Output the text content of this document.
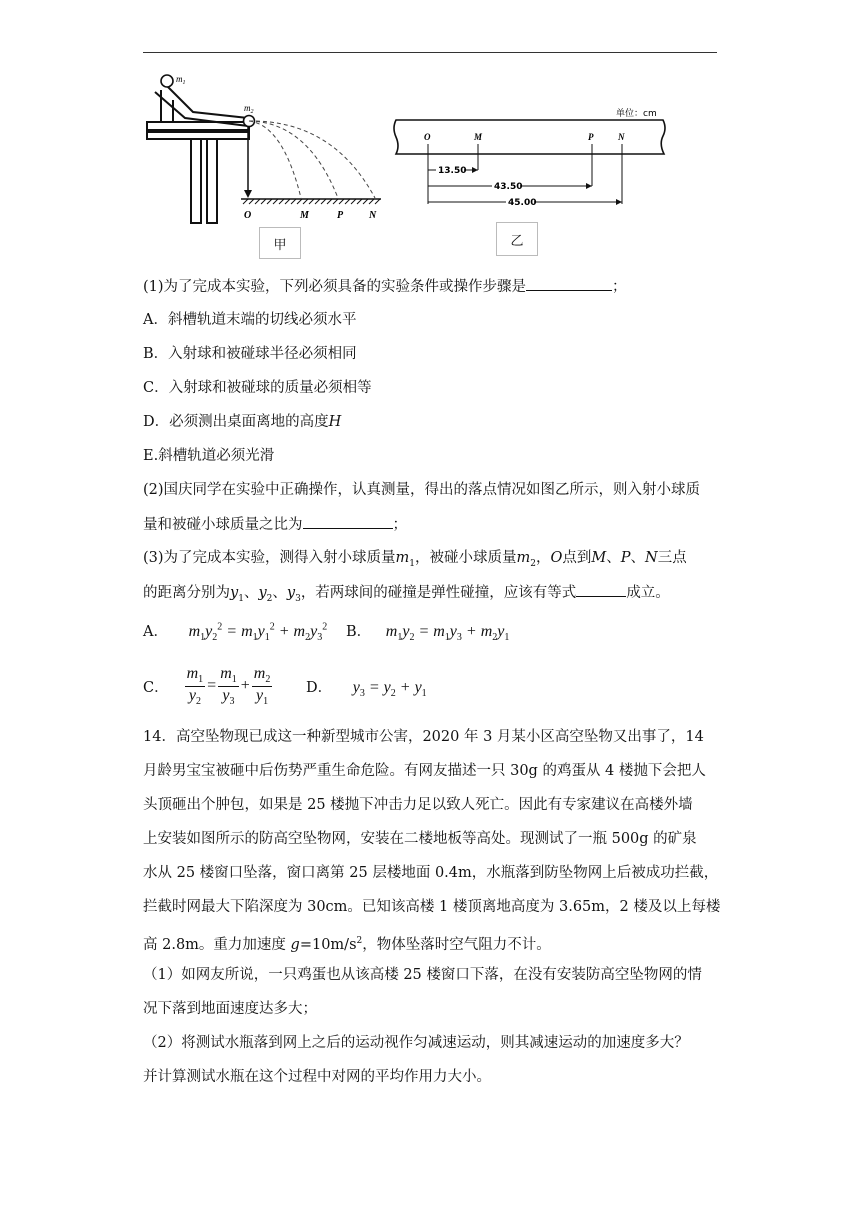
$m_1$
$m_2$
O	M	P	N
甲
单位：cm
O	M	P	N
13.50
43.50
45.00
乙
(1)为了完成本实验，下列必须具备的实验条件或操作步骤是	；
A．斜槽轨道末端的切线必须水平
B．入射球和被碰球半径必须相同
C．入射球和被碰球的质量必须相等
D．必须测出桌面离地的高度H
E.斜槽轨道必须光滑
(2)国庆同学在实验中正确操作，认真测量，得出的落点情况如图乙所示，则入射小球质
量和被碰小球质量之比为	；
(3)为了完成本实验，测得入射小球质量$m_1$，被碰小球质量$m_2$，O点到M、P、N三点
的距离分别为$y_1$、$y_2$、$y_3$，若两球间的碰撞是弹性碰撞，应该有等式	成立。
A． $m_1y_2^2 = m_1y_1^2 + m_2y_3^2$ B． $m_1y_2 = m_1y_3 + m_2y_1$
C． $\frac{m_1}{y_2} = \frac{m_1}{y_3} + \frac{m_2}{y_1}$ D． $y_3 = y_2 + y_1$
14．高空坠物现已成这一种新型城市公害，2020 年 3 月某小区高空坠物又出事了，14
月龄男宝宝被砸中后伤势严重生命危险。有网友描述一只 30g 的鸡蛋从 4 楼抛下会把人
头顶砸出个肿包，如果是 25 楼抛下冲击力足以致人死亡。因此有专家建议在高楼外墙
上安装如图所示的防高空坠物网，安装在二楼地板等高处。现测试了一瓶 500g 的矿泉
水从 25 楼窗口坠落，窗口离第 25 层楼地面 0.4m，水瓶落到防坠物网上后被成功拦截，
拦截时网最大下陷深度为 30cm。已知该高楼 1 楼顶离地高度为 3.65m，2 楼及以上每楼
高 2.8m。重力加速度 $g=10m/s^2$，物体坠落时空气阻力不计。
（1）如网友所说，一只鸡蛋也从该高楼 25 楼窗口下落，在没有安装防高空坠物网的情
况下落到地面速度达多大；
（2）将测试水瓶落到网上之后的运动视作匀减速运动，则其减速运动的加速度多大？
并计算测试水瓶在这个过程中对网的平均作用力大小。
